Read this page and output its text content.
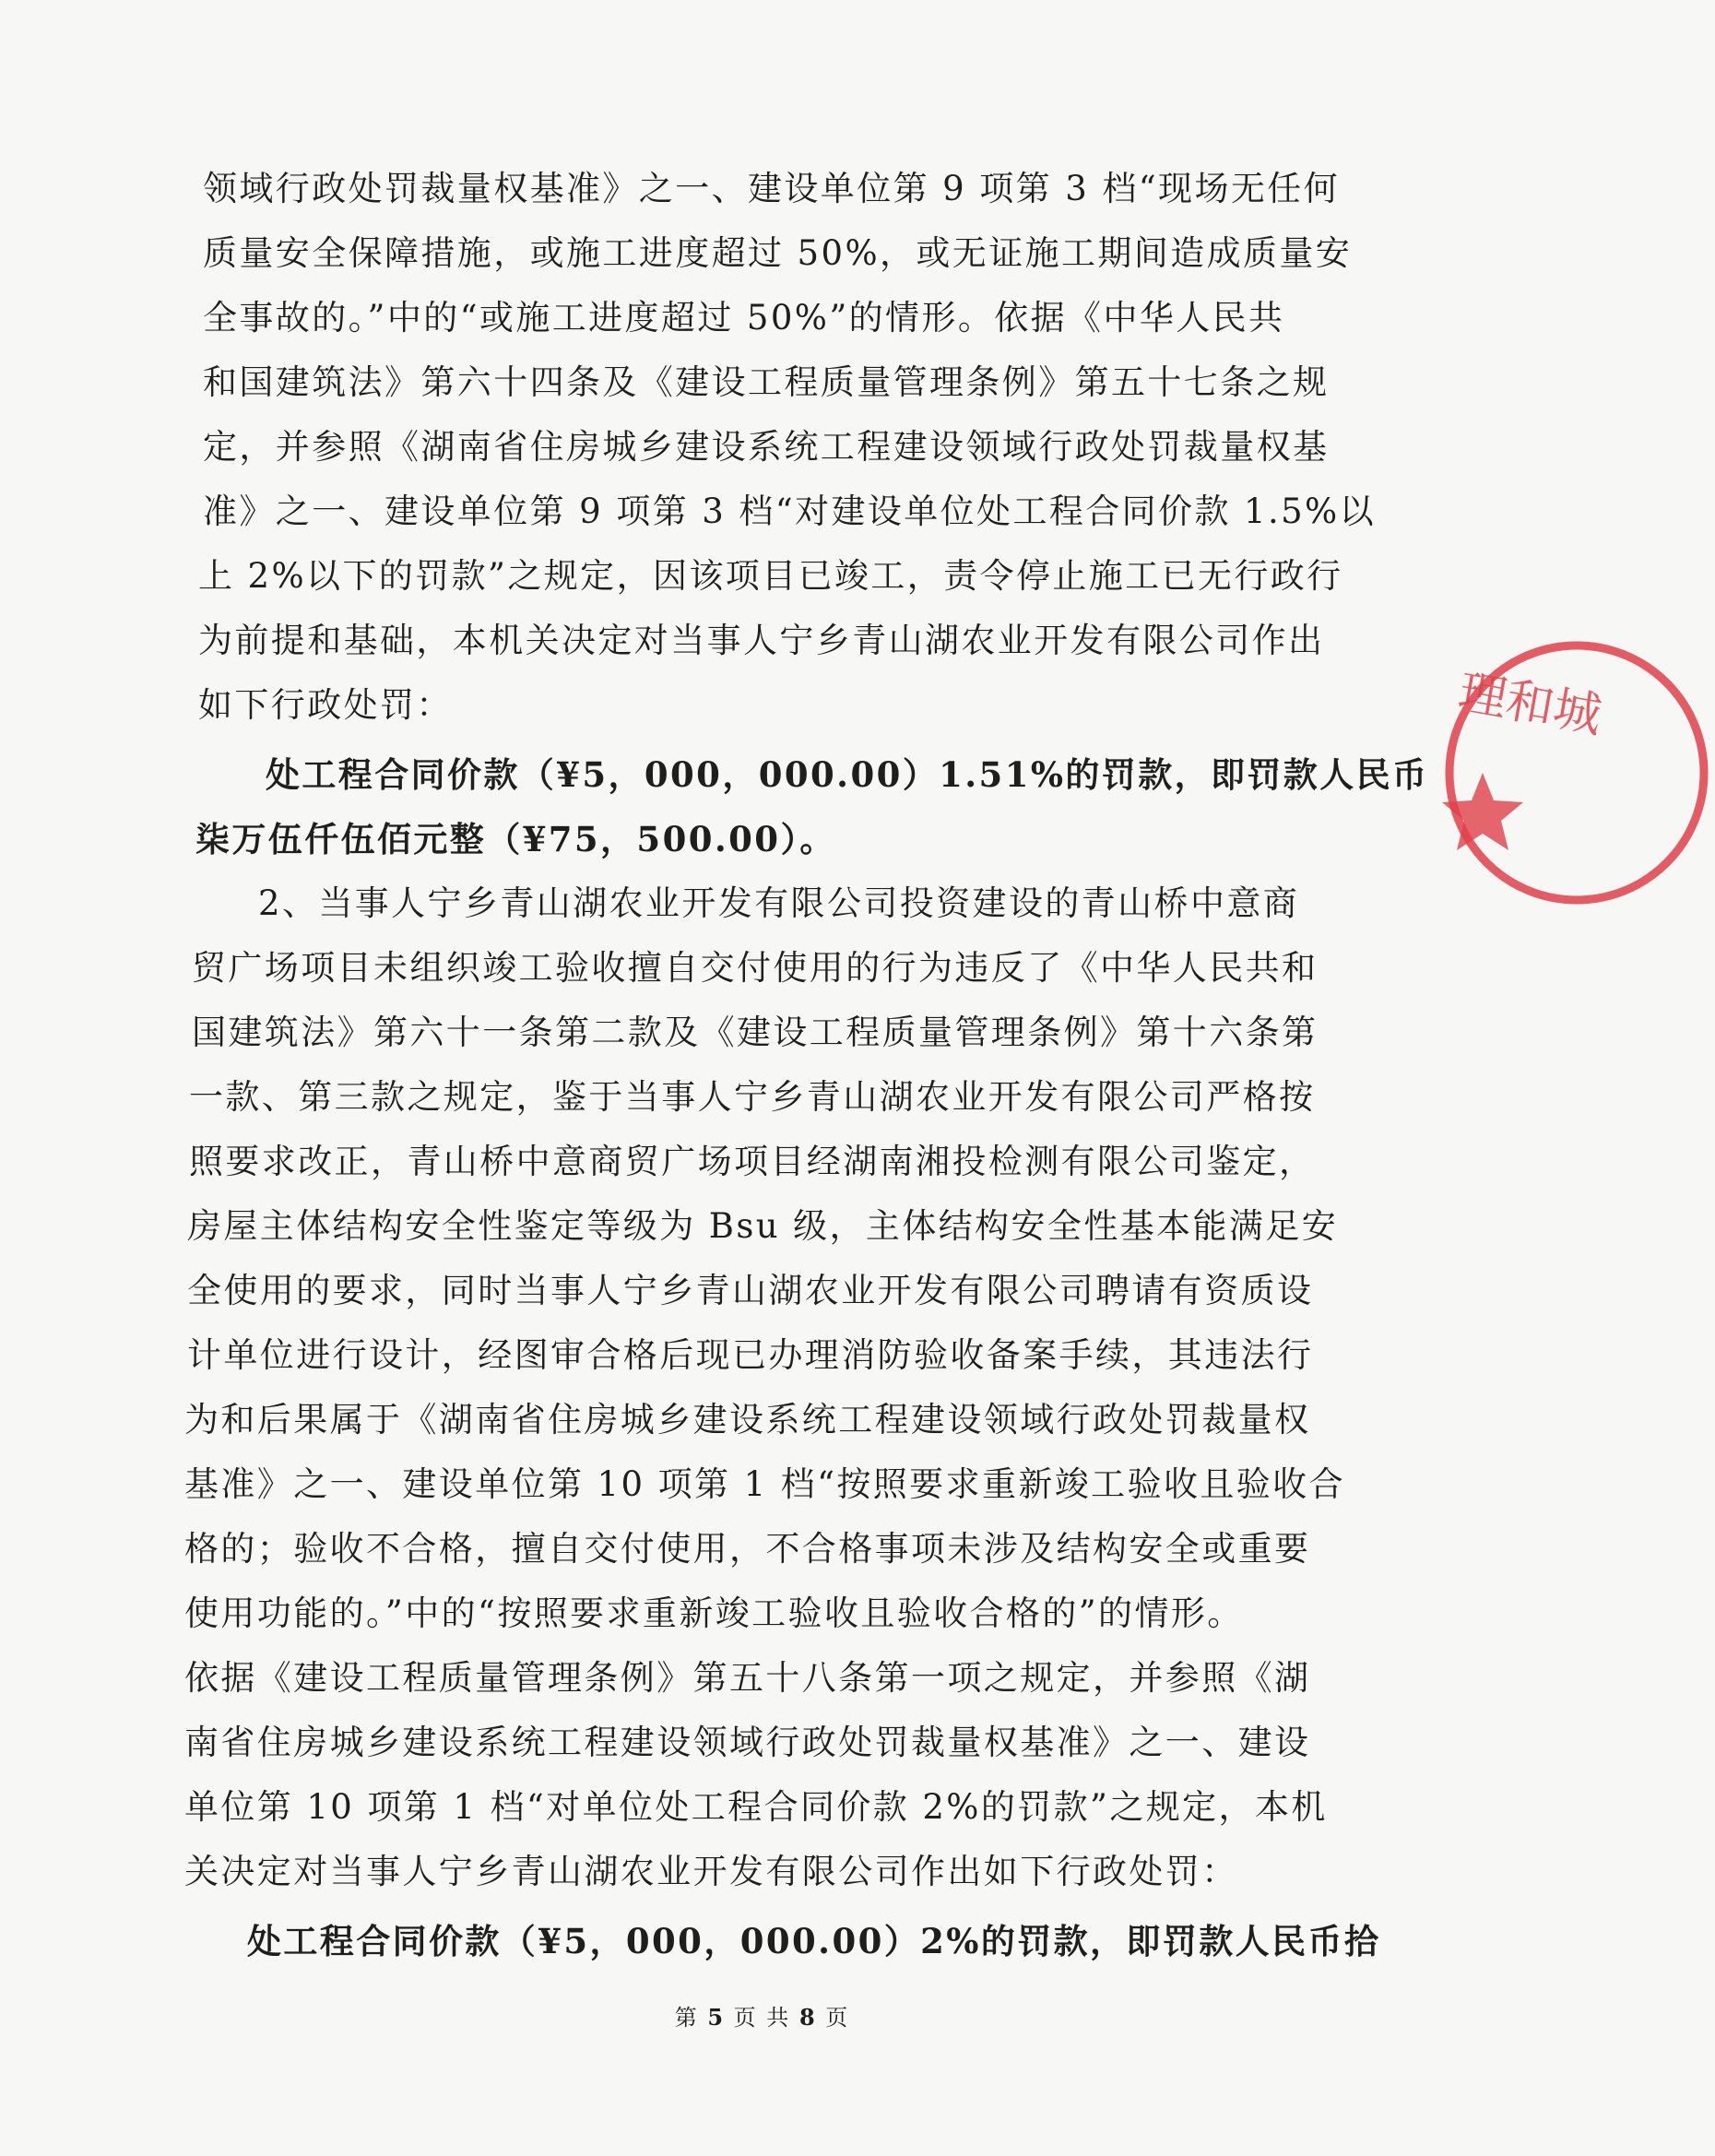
领域行政处罚裁量权基准》之一、建设单位第 9 项第 3 档“现场无任何
质量安全保障措施，或施工进度超过 50%，或无证施工期间造成质量安
全事故的。”中的“或施工进度超过 50%”的情形。依据《中华人民共
和国建筑法》第六十四条及《建设工程质量管理条例》第五十七条之规
定，并参照《湖南省住房城乡建设系统工程建设领域行政处罚裁量权基
准》之一、建设单位第 9 项第 3 档“对建设单位处工程合同价款 1.5%以
上 2%以下的罚款”之规定，因该项目已竣工，责令停止施工已无行政行
为前提和基础，本机关决定对当事人宁乡青山湖农业开发有限公司作出
如下行政处罚：
处工程合同价款（¥5，000，000.00）1.51%的罚款，即罚款人民币
柒万伍仟伍佰元整（¥75，500.00）。
2、当事人宁乡青山湖农业开发有限公司投资建设的青山桥中意商
贸广场项目未组织竣工验收擅自交付使用的行为违反了《中华人民共和
国建筑法》第六十一条第二款及《建设工程质量管理条例》第十六条第
一款、第三款之规定，鉴于当事人宁乡青山湖农业开发有限公司严格按
照要求改正，青山桥中意商贸广场项目经湖南湘投检测有限公司鉴定，
房屋主体结构安全性鉴定等级为 Bsu 级，主体结构安全性基本能满足安
全使用的要求，同时当事人宁乡青山湖农业开发有限公司聘请有资质设
计单位进行设计，经图审合格后现已办理消防验收备案手续，其违法行
为和后果属于《湖南省住房城乡建设系统工程建设领域行政处罚裁量权
基准》之一、建设单位第 10 项第 1 档“按照要求重新竣工验收且验收合
格的；验收不合格，擅自交付使用，不合格事项未涉及结构安全或重要
使用功能的。”中的“按照要求重新竣工验收且验收合格的”的情形。
依据《建设工程质量管理条例》第五十八条第一项之规定，并参照《湖
南省住房城乡建设系统工程建设领域行政处罚裁量权基准》之一、建设
单位第 10 项第 1 档“对单位处工程合同价款 2%的罚款”之规定，本机
关决定对当事人宁乡青山湖农业开发有限公司作出如下行政处罚：
处工程合同价款（¥5，000，000.00）2%的罚款，即罚款人民币拾
理和城
第 5 页 共 8 页
